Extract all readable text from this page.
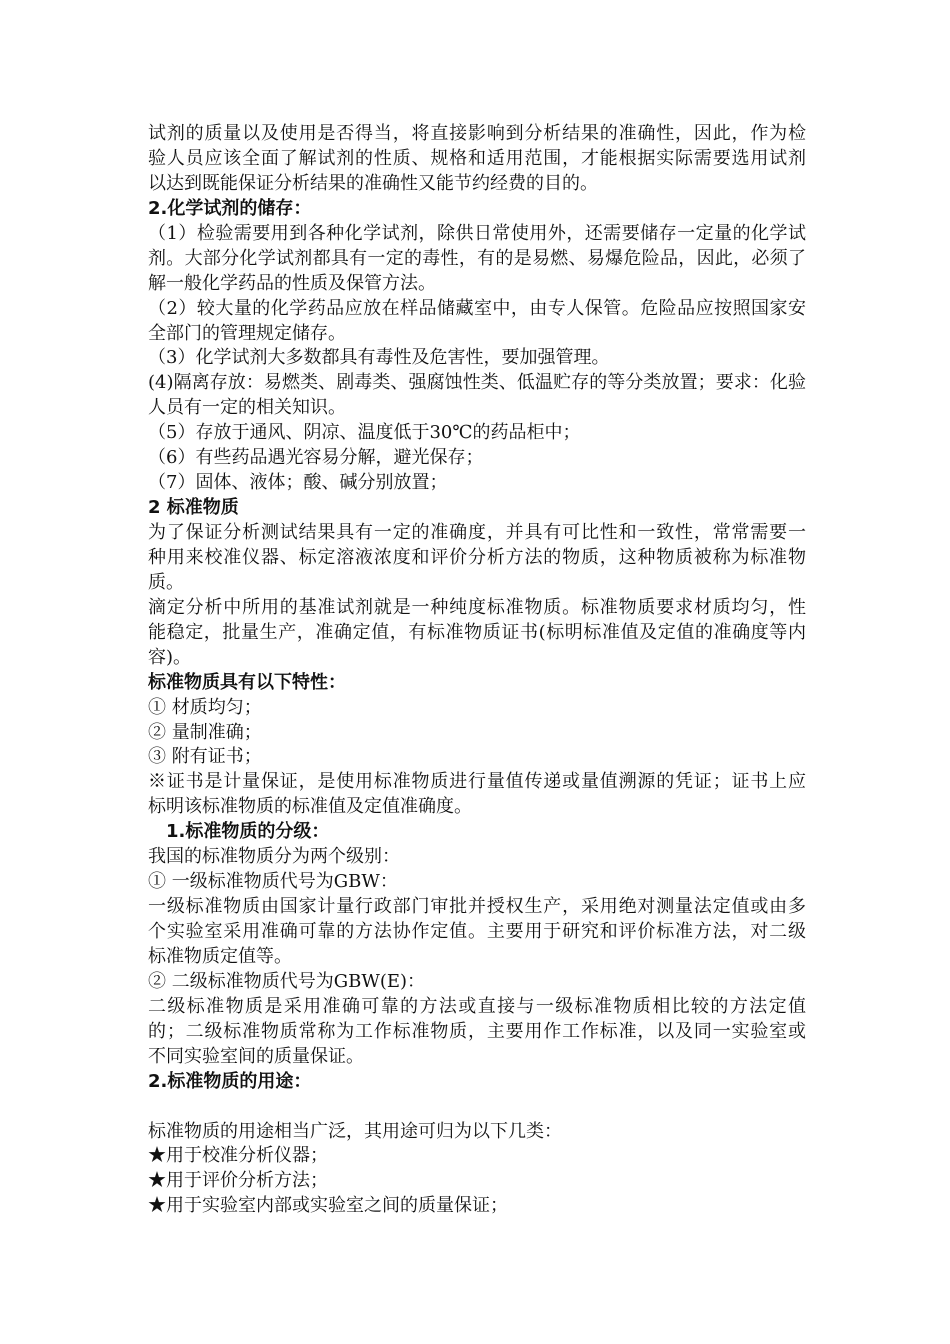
试剂的质量以及使用是否得当，将直接影响到分析结果的准确性，因此，作为检
验人员应该全面了解试剂的性质、规格和适用范围，才能根据实际需要选用试剂
以达到既能保证分析结果的准确性又能节约经费的目的。
2.化学试剂的储存：
（1）检验需要用到各种化学试剂，除供日常使用外，还需要储存一定量的化学试
剂。大部分化学试剂都具有一定的毒性，有的是易燃、易爆危险品，因此，必须了
解一般化学药品的性质及保管方法。
（2）较大量的化学药品应放在样品储藏室中，由专人保管。危险品应按照国家安
全部门的管理规定储存。
（3）化学试剂大多数都具有毒性及危害性，要加强管理。
(4)隔离存放：易燃类、剧毒类、强腐蚀性类、低温贮存的等分类放置；要求：化验
人员有一定的相关知识。
（5）存放于通风、阴凉、温度低于30℃的药品柜中；
（6）有些药品遇光容易分解，避光保存；
（7）固体、液体；酸、碱分别放置；
2 标准物质
为了保证分析测试结果具有一定的准确度，并具有可比性和一致性，常常需要一
种用来校准仪器、标定溶液浓度和评价分析方法的物质，这种物质被称为标准物
质。
滴定分析中所用的基准试剂就是一种纯度标准物质。标准物质要求材质均匀，性
能稳定，批量生产，准确定值，有标准物质证书(标明标准值及定值的准确度等内
容)。
标准物质具有以下特性：
① 材质均匀；
② 量制准确；
③ 附有证书；
※证书是计量保证，是使用标准物质进行量值传递或量值溯源的凭证；证书上应
标明该标准物质的标准值及定值准确度。
1.标准物质的分级：
我国的标准物质分为两个级别：
① 一级标准物质代号为GBW：
一级标准物质由国家计量行政部门审批并授权生产，采用绝对测量法定值或由多
个实验室采用准确可靠的方法协作定值。主要用于研究和评价标准方法，对二级
标准物质定值等。
② 二级标准物质代号为GBW(E)：
二级标准物质是采用准确可靠的方法或直接与一级标准物质相比较的方法定值
的；二级标准物质常称为工作标准物质，主要用作工作标准，以及同一实验室或
不同实验室间的质量保证。
2.标准物质的用途：
标准物质的用途相当广泛，其用途可归为以下几类：
★用于校准分析仪器；
★用于评价分析方法；
★用于实验室内部或实验室之间的质量保证；
